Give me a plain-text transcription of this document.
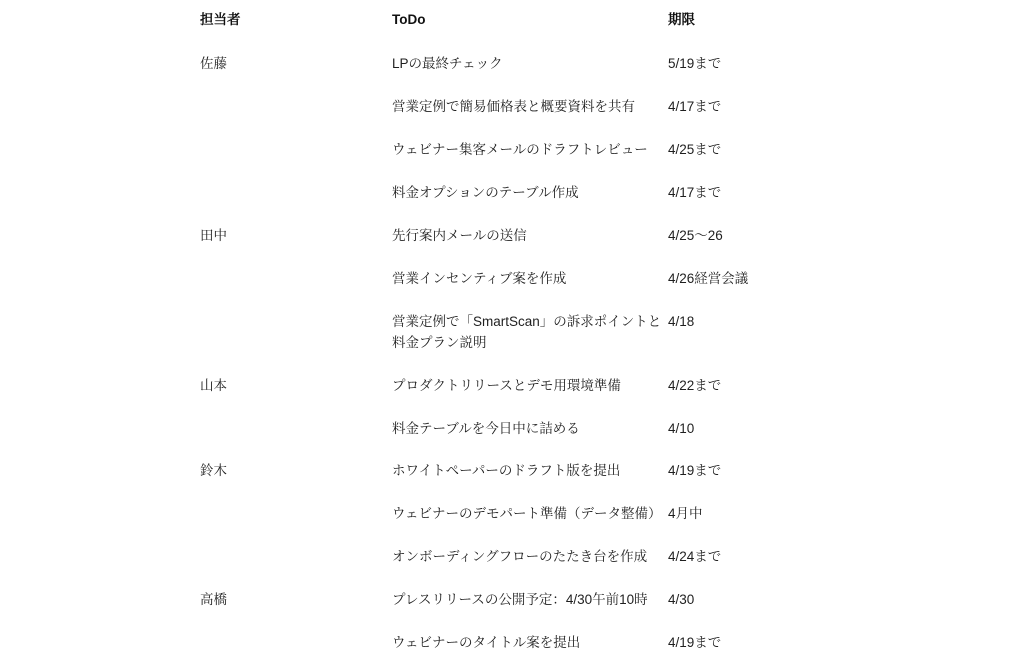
担当者	ToDo	期限
佐藤	LPの最終チェック	5/19まで
	営業定例で簡易価格表と概要資料を共有	4/17まで
	ウェビナー集客メールのドラフトレビュー	4/25まで
	料金オプションのテーブル作成	4/17まで
田中	先行案内メールの送信	4/25〜26
	営業インセンティブ案を作成	4/26経営会議
	営業定例で「SmartScan」の訴求ポイントと料金プラン説明	4/18
山本	プロダクトリリースとデモ用環境準備	4/22まで
	料金テーブルを今日中に詰める	4/10
鈴木	ホワイトペーパーのドラフト版を提出	4/19まで
	ウェビナーのデモパート準備（データ整備）	4月中
	オンボーディングフローのたたき台を作成	4/24まで
高橋	プレスリリースの公開予定：4/30午前10時	4/30
	ウェビナーのタイトル案を提出	4/19まで
